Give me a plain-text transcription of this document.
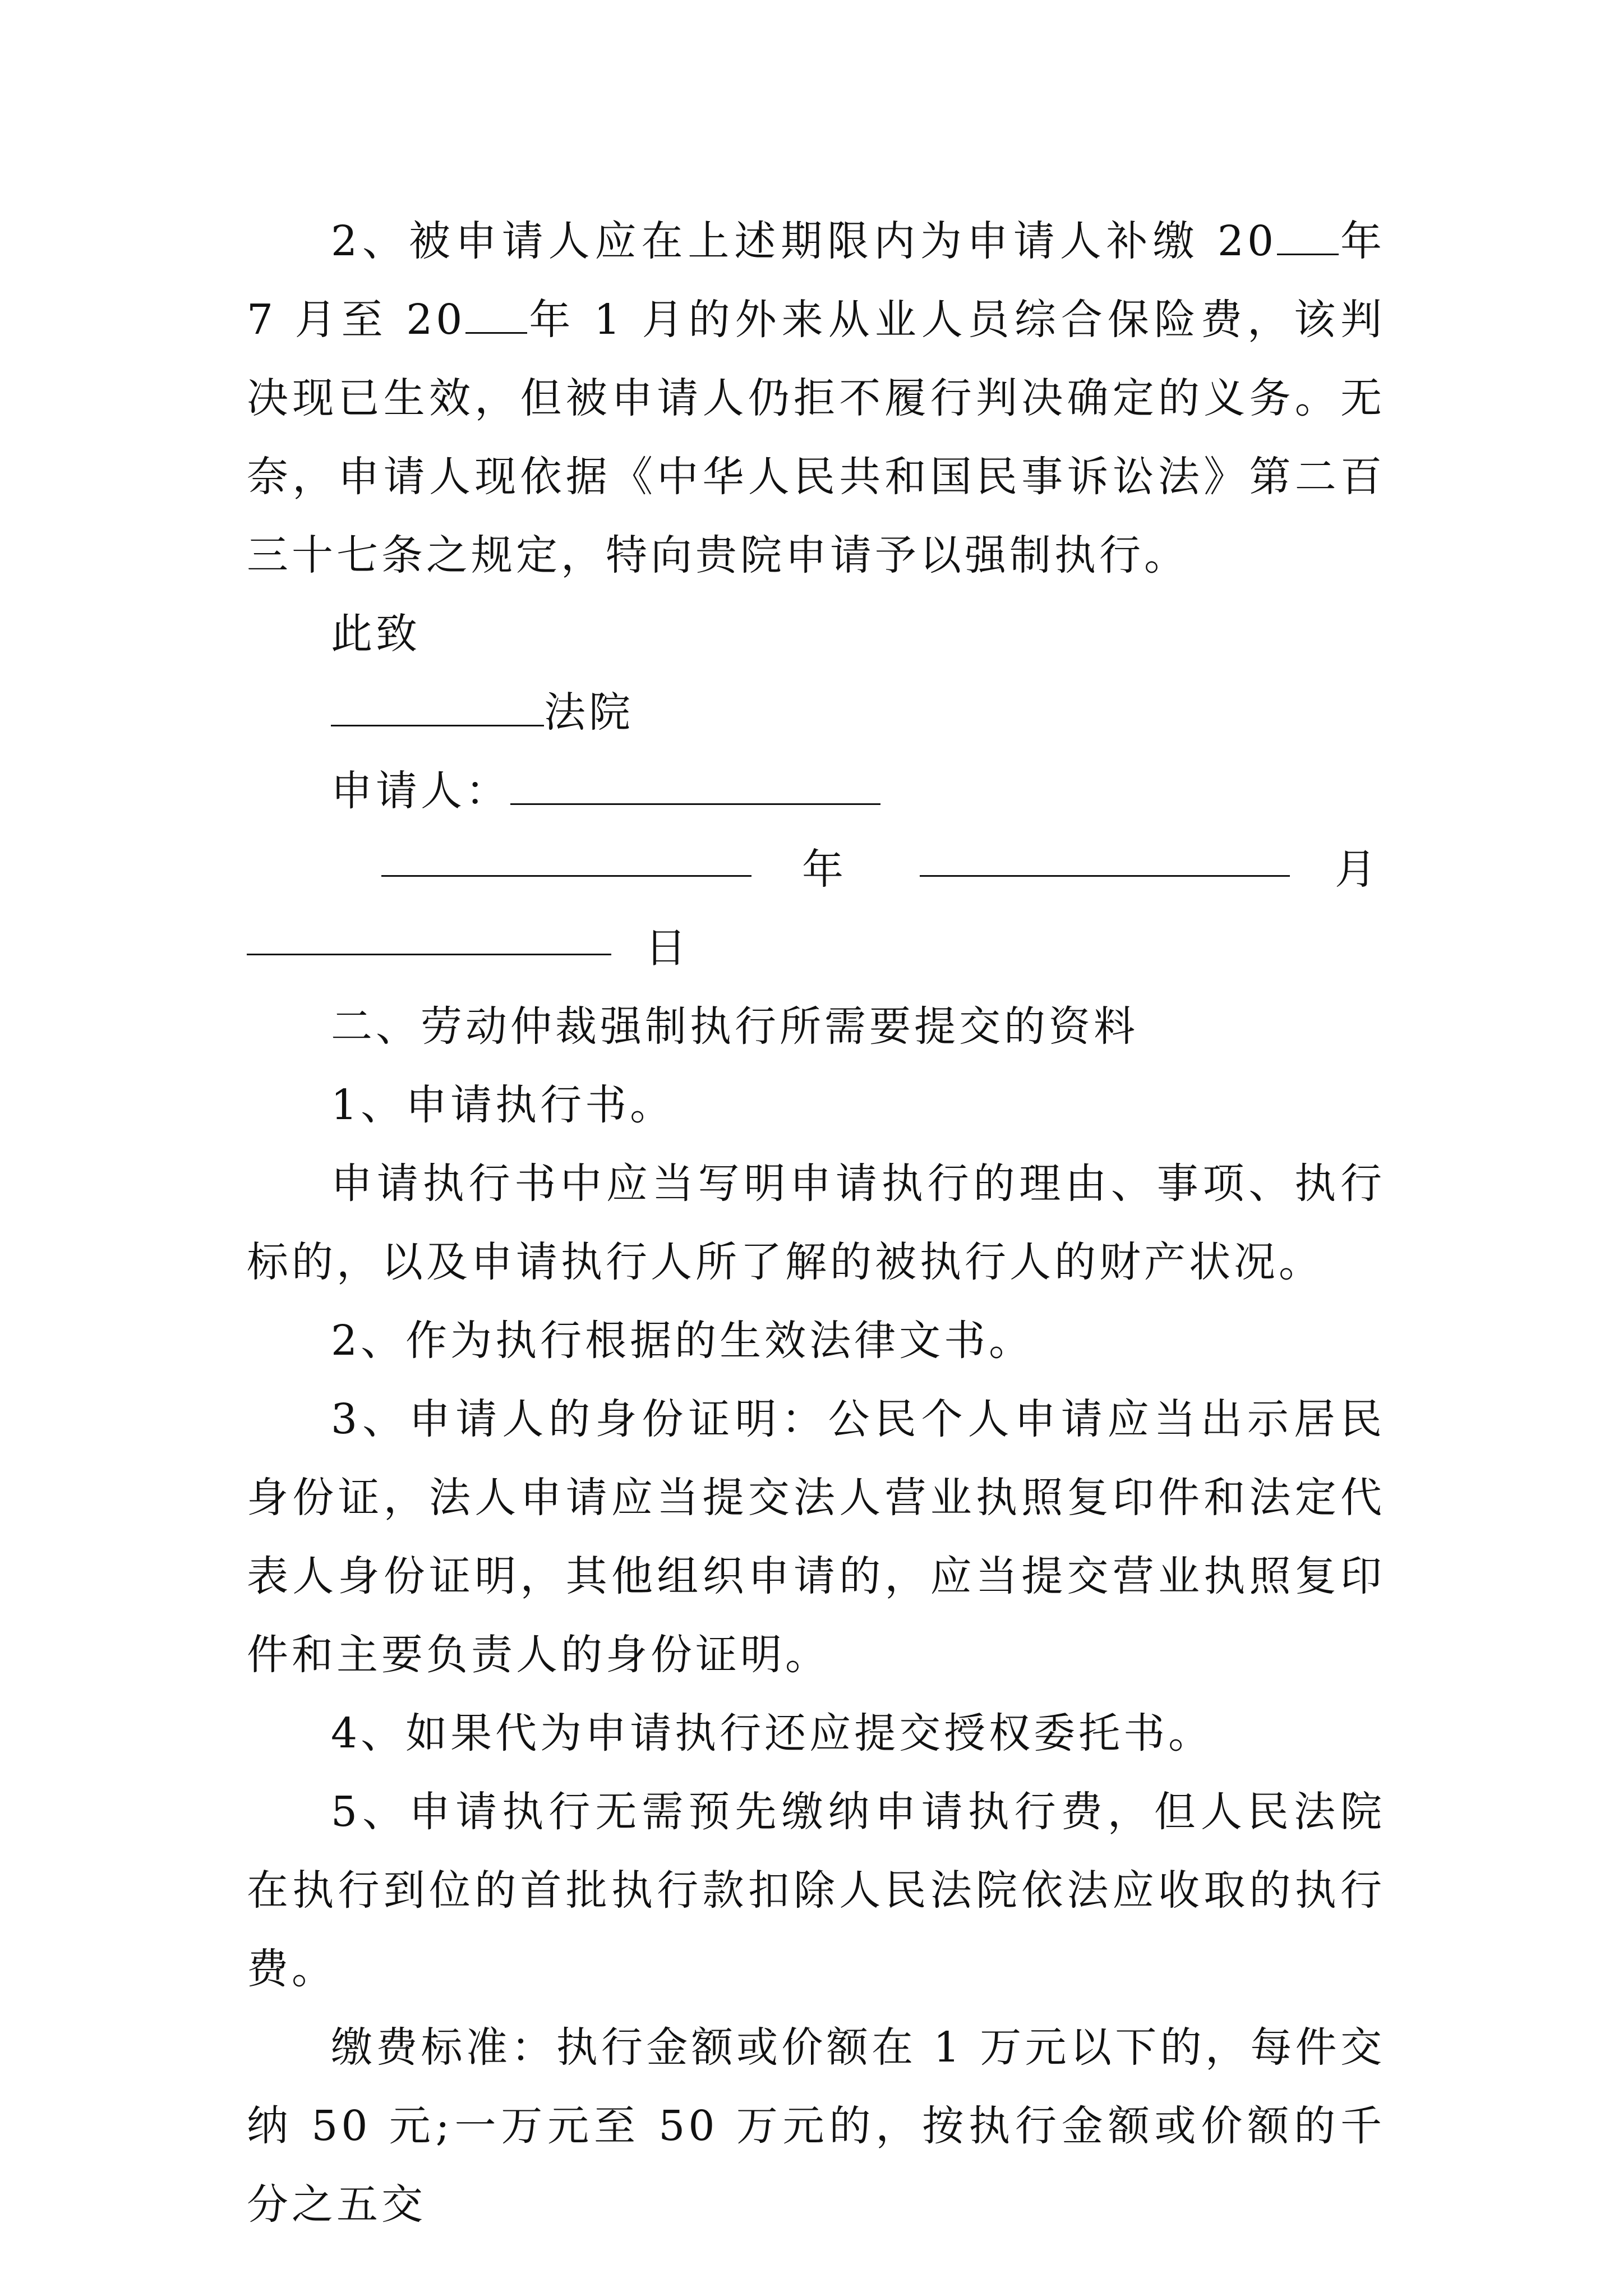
2、被申请人应在上述期限内为申请人补缴 20 年 7 月至 20 年 1 月的外来从业人员综合保险费，该判决现已生效，但被申请人仍拒不履行判决确定的义务。无奈，申请人现依据《中华人民共和国民事诉讼法》第二百三十七条之规定，特向贵院申请予以强制执行。

此致

法院

申请人：

年	月
日

二、劳动仲裁强制执行所需要提交的资料

1、申请执行书。

申请执行书中应当写明申请执行的理由、事项、执行标的，以及申请执行人所了解的被执行人的财产状况。

2、作为执行根据的生效法律文书。

3、申请人的身份证明：公民个人申请应当出示居民身份证，法人申请应当提交法人营业执照复印件和法定代表人身份证明，其他组织申请的，应当提交营业执照复印件和主要负责人的身份证明。

4、如果代为申请执行还应提交授权委托书。

5、申请执行无需预先缴纳申请执行费，但人民法院在执行到位的首批执行款扣除人民法院依法应收取的执行费。

缴费标准：执行金额或价额在 1 万元以下的，每件交纳 50 元;一万元至 50 万元的，按执行金额或价额的千分之五交
